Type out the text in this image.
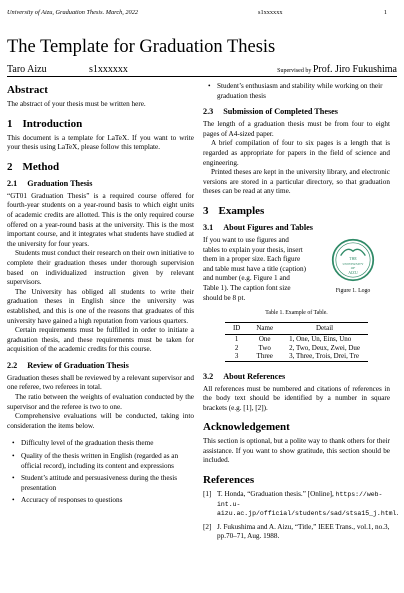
University of Aizu, Graduation Thesis. March, 2022	s1xxxxxx	1
The Template for Graduation Thesis
Taro Aizu	s1xxxxxx	Supervised by Prof. Jiro Fukushima
Abstract

The abstract of your thesis must be written here.

1 Introduction

This document is a template for LaTeX. If you want to write your thesis using LaTeX, please follow this template.

2 Method
2.1 Graduation Thesis

“GT01 Graduation Thesis” is a required course offered for fourth-year students on a year-round basis to which eight units of academic credits are allotted. This is the only required course offered on a year-round basis at the university. This is the most important course, and it integrates what students have studied at the university for four years.

Students must conduct their research on their own initiative to complete their graduation theses under thorough supervision based on individualized instruction given by relevant supervisors.

The University has obliged all students to write their graduation theses in English since the university was established, and this is one of the reasons that graduates of this university have gained a high reputation from various quarters.

Certain requirements must be fulfilled in order to initiate a graduation thesis, and these requirements must be taken for acquisition of the academic credits for this course.

2.2 Review of Graduation Thesis

Graduation theses shall be reviewed by a relevant supervisor and one referee, two referees in total.

The ratio between the weights of evaluation conducted by the supervisor and the referee is two to one.

Comprehensive evaluations will be conducted, taking into consideration the items below.

• Difficulty level of the graduation thesis theme
• Quality of the thesis written in English (regarded as an official record), including its content and expressions
• Student’s attitude and persuasiveness during the thesis presentation
• Accuracy of responses to questions
• Student’s enthusiasm and stability while working on their graduation thesis
2.3 Submission of Completed Theses

The length of a graduation thesis must be from four to eight pages of A4-sized paper.

A brief compilation of four to six pages is a length that is regarded as appropriate for papers in the field of science and engineering.

Printed theses are kept in the university library, and electronic versions are stored in a particular directory, so that graduation theses can be read at any time.

3 Examples
3.1 About Figures and Tables

If you want to use figures and tables to explain your thesis, insert them in a proper size. Each figure and table must have a title (caption) and number (e.g. Figure 1 and Table 1). The caption font size should be 8 pt.

THE
UNIVERSITY
OF
AIZU
Figure 1. Logo
Table 1. Example of Table.
ID	Name	Detail
1	One	1, One, Un, Eins, Uno
2	Two	2, Two, Deux, Zwei, Due
3	Three	3, Three, Trois, Drei, Tre
3.2 About References

All references must be numbered and citations of references in the body text should be identified by a number in square brackets (e.g. [1], [2]).

Acknowledgement

This section is optional, but a polite way to thank others for their assistance. If you want to show gratitude, this section should be included.

References
[1] T. Honda, “Graduation thesis.” [Online], https://web-int.u-aizu.ac.jp/official/students/sad/stsa15_j.html.
[2] J. Fukushima and A. Aizu, “Title,” IEEE Trans., vol.1, no.3, pp.70–71, Aug. 1988.
